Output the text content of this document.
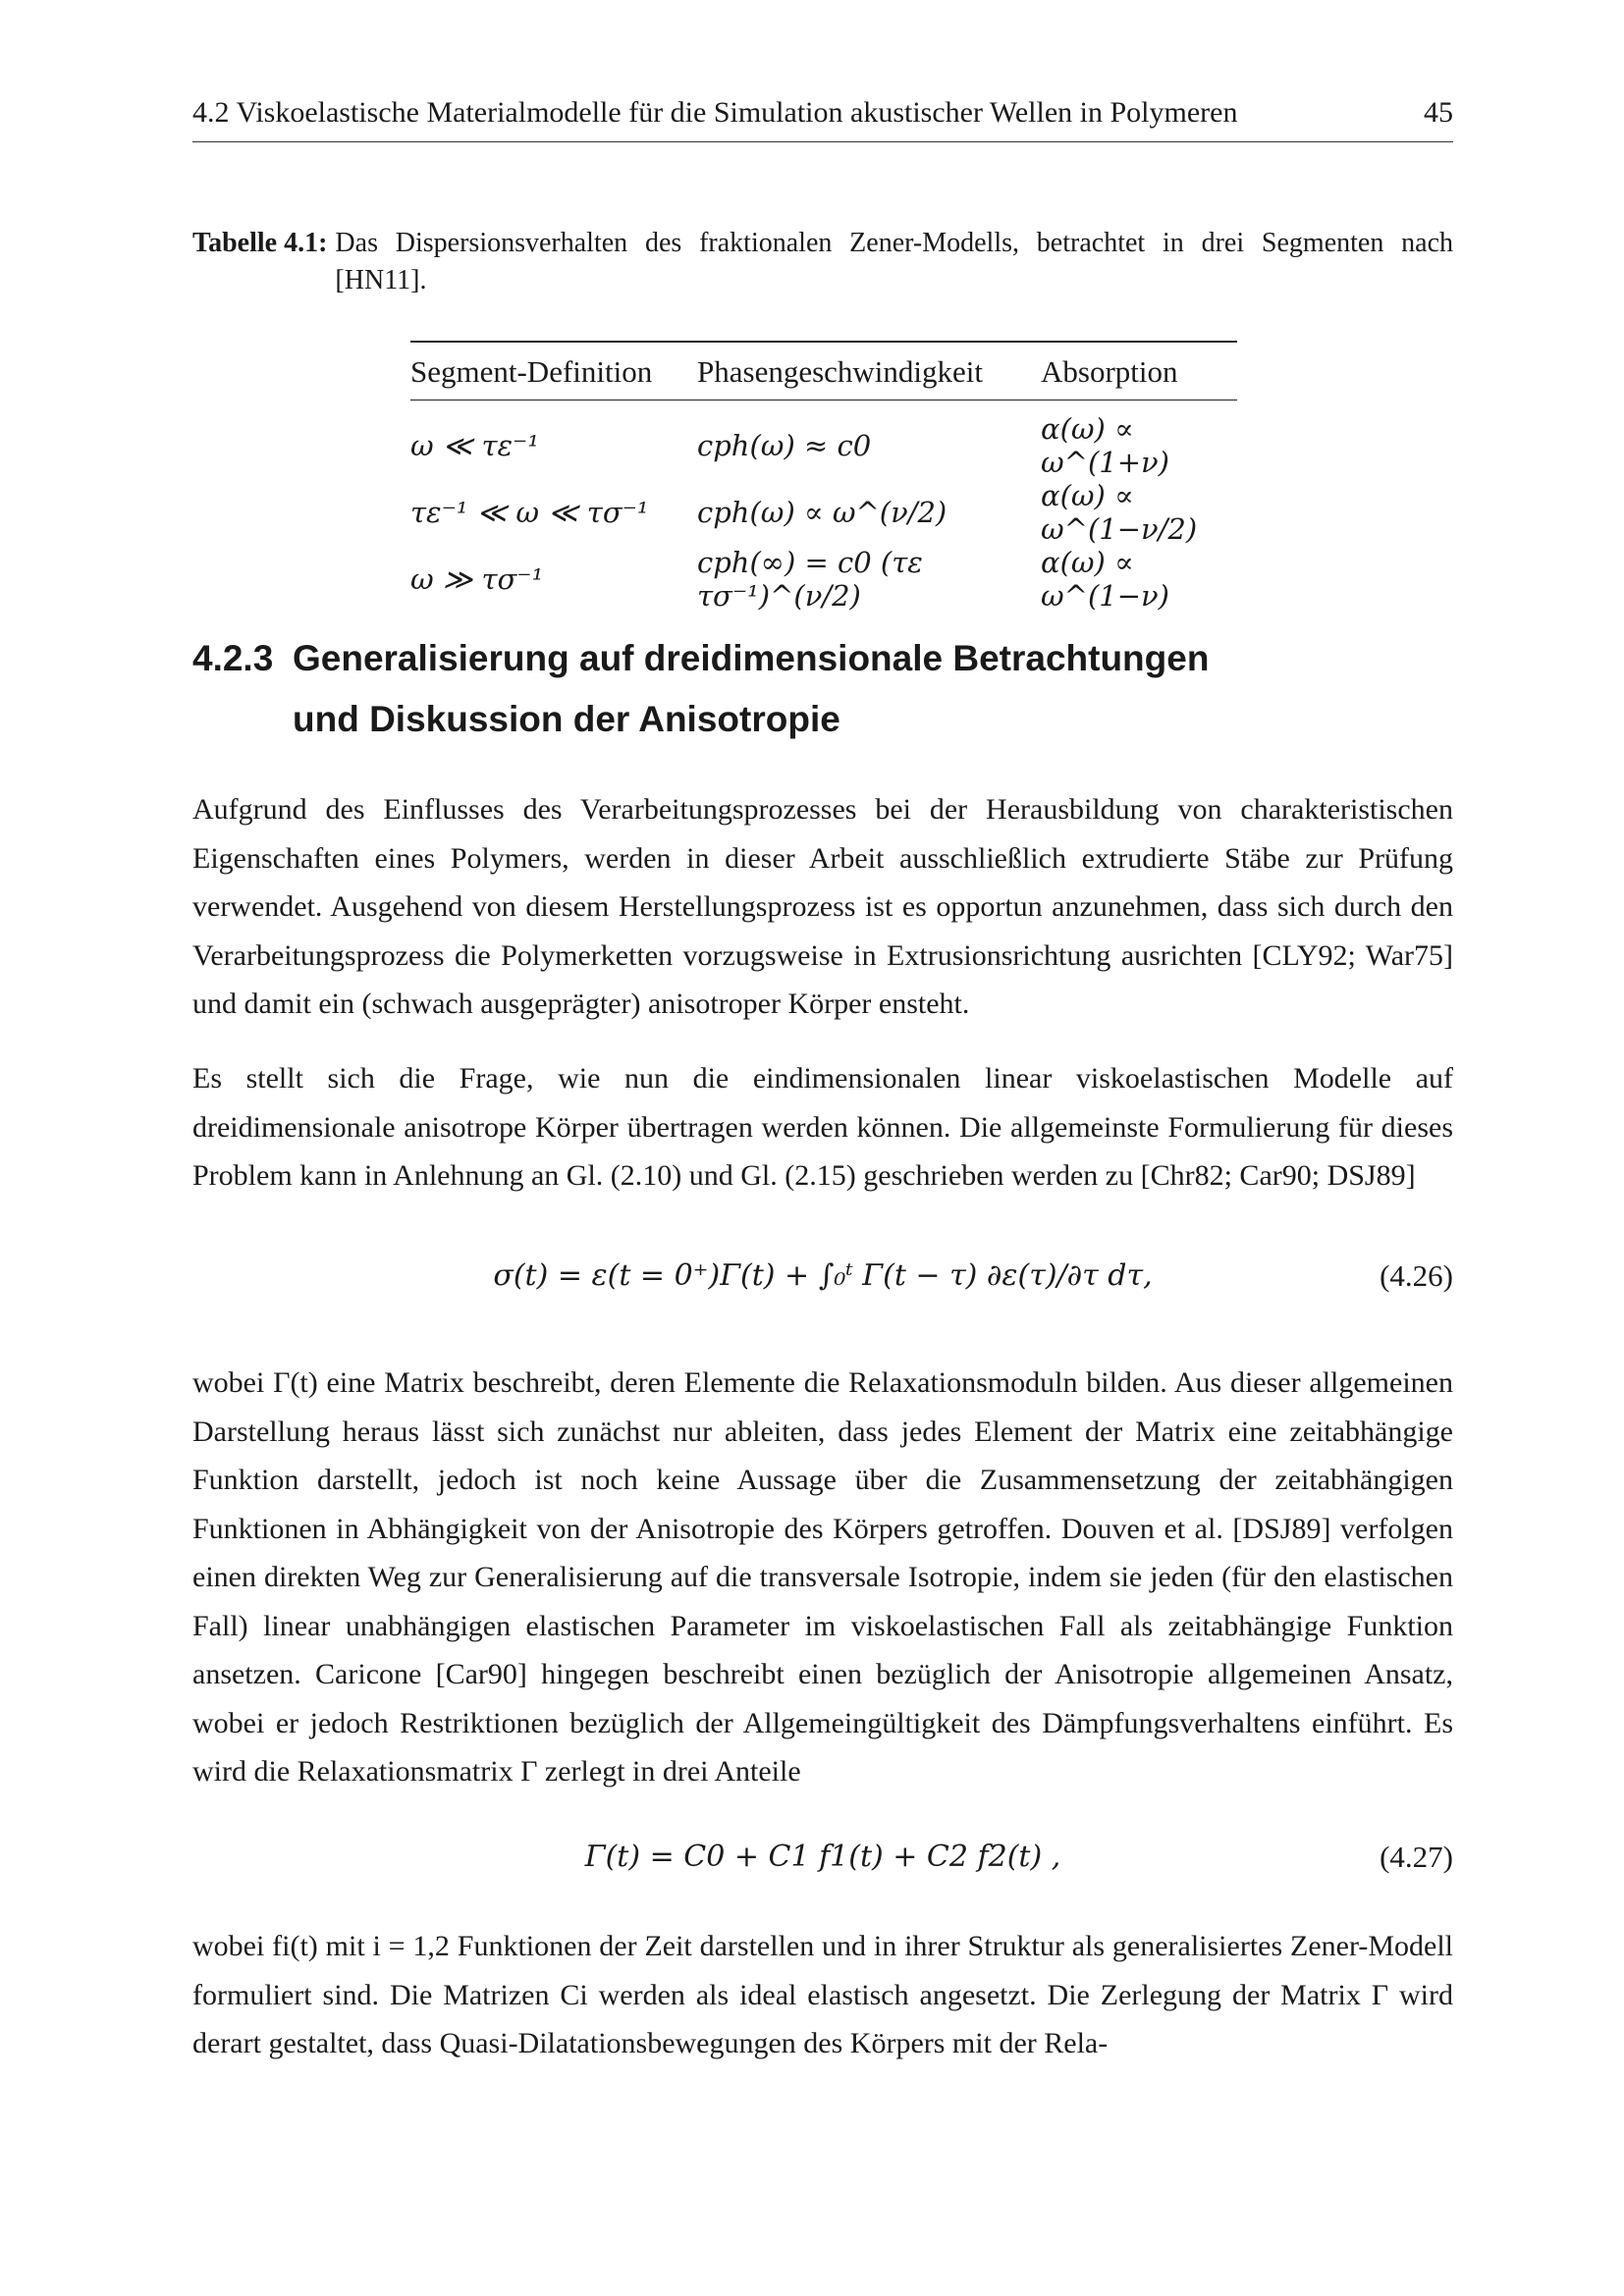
4.2 Viskoelastische Materialmodelle für die Simulation akustischer Wellen in Polymeren	45
Tabelle 4.1: Das Dispersionsverhalten des fraktionalen Zener-Modells, betrachtet in drei Segmenten nach [HN11].
Segment-Definition	Phasengeschwindigkeit	Absorption
ω ≪ τε⁻¹	cph(ω) ≈ c0	α(ω) ∝ ω^(1+ν)
τε⁻¹ ≪ ω ≪ τσ⁻¹	cph(ω) ∝ ω^(ν/2)	α(ω) ∝ ω^(1−ν/2)
ω ≫ τσ⁻¹	cph(∞) = c0 (τε τσ⁻¹)^(ν/2)	α(ω) ∝ ω^(1−ν)
4.2.3 Generalisierung auf dreidimensionale Betrachtungen und Diskussion der Anisotropie

Aufgrund des Einflusses des Verarbeitungsprozesses bei der Herausbildung von charakteristischen Eigenschaften eines Polymers, werden in dieser Arbeit ausschließlich extrudierte Stäbe zur Prüfung verwendet. Ausgehend von diesem Herstellungsprozess ist es opportun anzunehmen, dass sich durch den Verarbeitungsprozess die Polymerketten vorzugsweise in Extrusionsrichtung ausrichten [CLY92; War75] und damit ein (schwach ausgeprägter) anisotroper Körper ensteht.

Es stellt sich die Frage, wie nun die eindimensionalen linear viskoelastischen Modelle auf dreidimensionale anisotrope Körper übertragen werden können. Die allgemeinste Formulierung für dieses Problem kann in Anlehnung an Gl. (2.10) und Gl. (2.15) geschrieben werden zu [Chr82; Car90; DSJ89]

σ(t) = ε(t = 0⁺)Γ(t) + ∫₀ᵗ Γ(t − τ) ∂ε(τ)/∂τ dτ,	(4.26)

wobei Γ(t) eine Matrix beschreibt, deren Elemente die Relaxationsmoduln bilden. Aus dieser allgemeinen Darstellung heraus lässt sich zunächst nur ableiten, dass jedes Element der Matrix eine zeitabhängige Funktion darstellt, jedoch ist noch keine Aussage über die Zusammensetzung der zeitabhängigen Funktionen in Abhängigkeit von der Anisotropie des Körpers getroffen. Douven et al. [DSJ89] verfolgen einen direkten Weg zur Generalisierung auf die transversale Isotropie, indem sie jeden (für den elastischen Fall) linear unabhängigen elastischen Parameter im viskoelastischen Fall als zeitabhängige Funktion ansetzen. Caricone [Car90] hingegen beschreibt einen bezüglich der Anisotropie allgemeinen Ansatz, wobei er jedoch Restriktionen bezüglich der Allgemeingültigkeit des Dämpfungsverhaltens einführt. Es wird die Relaxationsmatrix Γ zerlegt in drei Anteile

Γ(t) = C0 + C1 f1(t) + C2 f2(t) ,	(4.27)

wobei fi(t) mit i = 1,2 Funktionen der Zeit darstellen und in ihrer Struktur als generalisiertes Zener-Modell formuliert sind. Die Matrizen Ci werden als ideal elastisch angesetzt. Die Zerlegung der Matrix Γ wird derart gestaltet, dass Quasi-Dilatationsbewegungen des Körpers mit der Rela-
